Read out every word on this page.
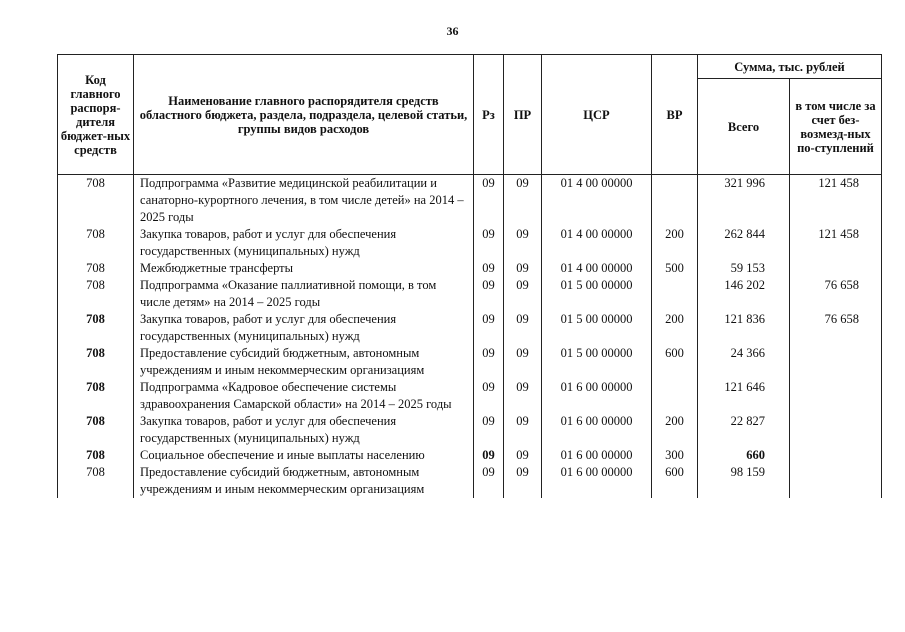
36
Код главного распоря-дителя бюджет-ных средств	Наименование главного распорядителя средств областного бюджета, раздела, подраздела, целевой статьи, группы видов расходов	Рз	ПР	ЦСР	ВР	Сумма, тыс. рублей	
						Всего	в том числе за счет без-возмезд-ных по-ступлений
708	Подпрограмма «Развитие медицинской реабилитации и санаторно-курортного лечения, в том числе детей» на 2014 – 2025 годы	09	09	01 4 00 00000		321 996	121 458
708	Закупка товаров, работ и услуг для обеспечения государственных (муниципальных) нужд	09	09	01 4 00 00000	200	262 844	121 458
708	Межбюджетные трансферты	09	09	01 4 00 00000	500	59 153	
708	Подпрограмма «Оказание паллиативной помощи, в том числе детям» на 2014 – 2025 годы	09	09	01 5 00 00000		146 202	76 658
708	Закупка товаров, работ и услуг для обеспечения государственных (муниципальных) нужд	09	09	01 5 00 00000	200	121 836	76 658
708	Предоставление субсидий бюджетным, автономным учреждениям и иным некоммерческим организациям	09	09	01 5 00 00000	600	24 366	
708	Подпрограмма «Кадровое обеспечение системы здравоохранения Самарской области» на 2014 – 2025 годы	09	09	01 6 00 00000		121 646	
708	Закупка товаров, работ и услуг для обеспечения государственных (муниципальных) нужд	09	09	01 6 00 00000	200	22 827	
708	Социальное обеспечение и иные выплаты населению	09	09	01 6 00 00000	300	660	
708	Предоставление субсидий бюджетным, автономным учреждениям и иным некоммерческим организациям	09	09	01 6 00 00000	600	98 159	
